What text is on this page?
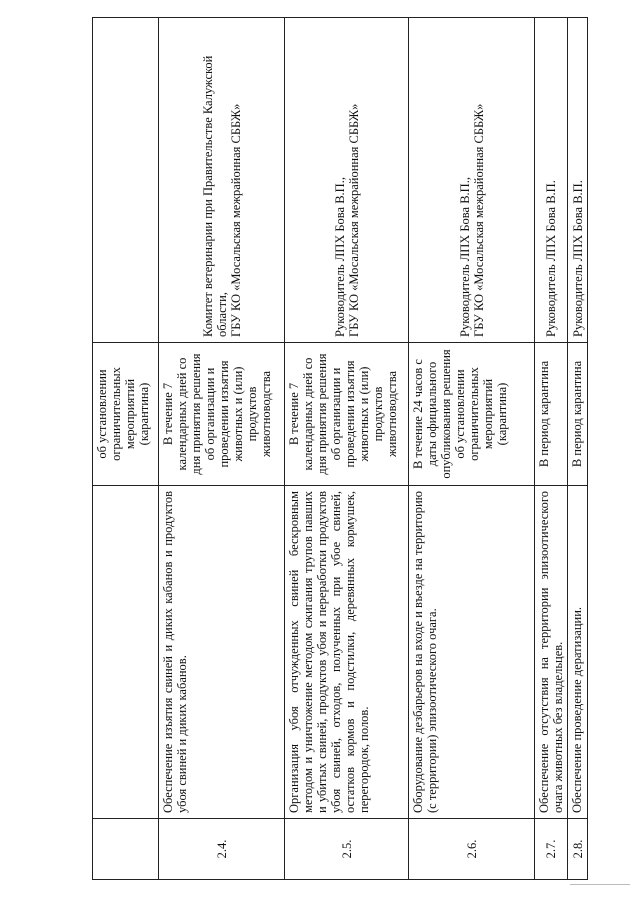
		об установлении ограничительных мероприятий (карантина)	
2.4.	Обеспечение изъятия свиней и диких кабанов и продуктов убоя свиней и диких кабанов.	В течение 7 календарных дней со дня принятия решения об организации и проведении изъятия животных и (или) продуктов животноводства	Комитет ветеринарии при Правительстве Калужской области, ГБУ КО «Мосальская межрайонная СББЖ»

2.5.	Организация убоя отчужденных свиней бескровным методом и уничтожение методом сжигания трупов павших и убитых свиней, продуктов убоя и переработки продуктов убоя свиней, отходов, полученных при убое свиней, остатков кормов и подстилки, деревянных кормушек, перегородок, полов.	В течение 7 календарных дней со дня принятия решения об организации и проведении изъятия животных и (или) продуктов животноводства	Руководитель ЛПХ Бова В.П., ГБУ КО «Мосальская межрайонная СББЖ»

2.6.	Оборудование дезбарьеров на входе и въезде на территорию (с территории) эпизоотического очага.	В течение 24 часов с даты официального опубликования решения об установлении ограничительных мероприятий (карантина)	Руководитель ЛПХ Бова В.П., ГБУ КО «Мосальская межрайонная СББЖ»

2.7.	Обеспечение отсутствия на территории эпизоотического очага животных без владельцев.	В период карантина	Руководитель ЛПХ Бова В.П.

2.8.	Обеспечение проведение дератизации.	В период карантина	Руководитель ЛПХ Бова В.П.
